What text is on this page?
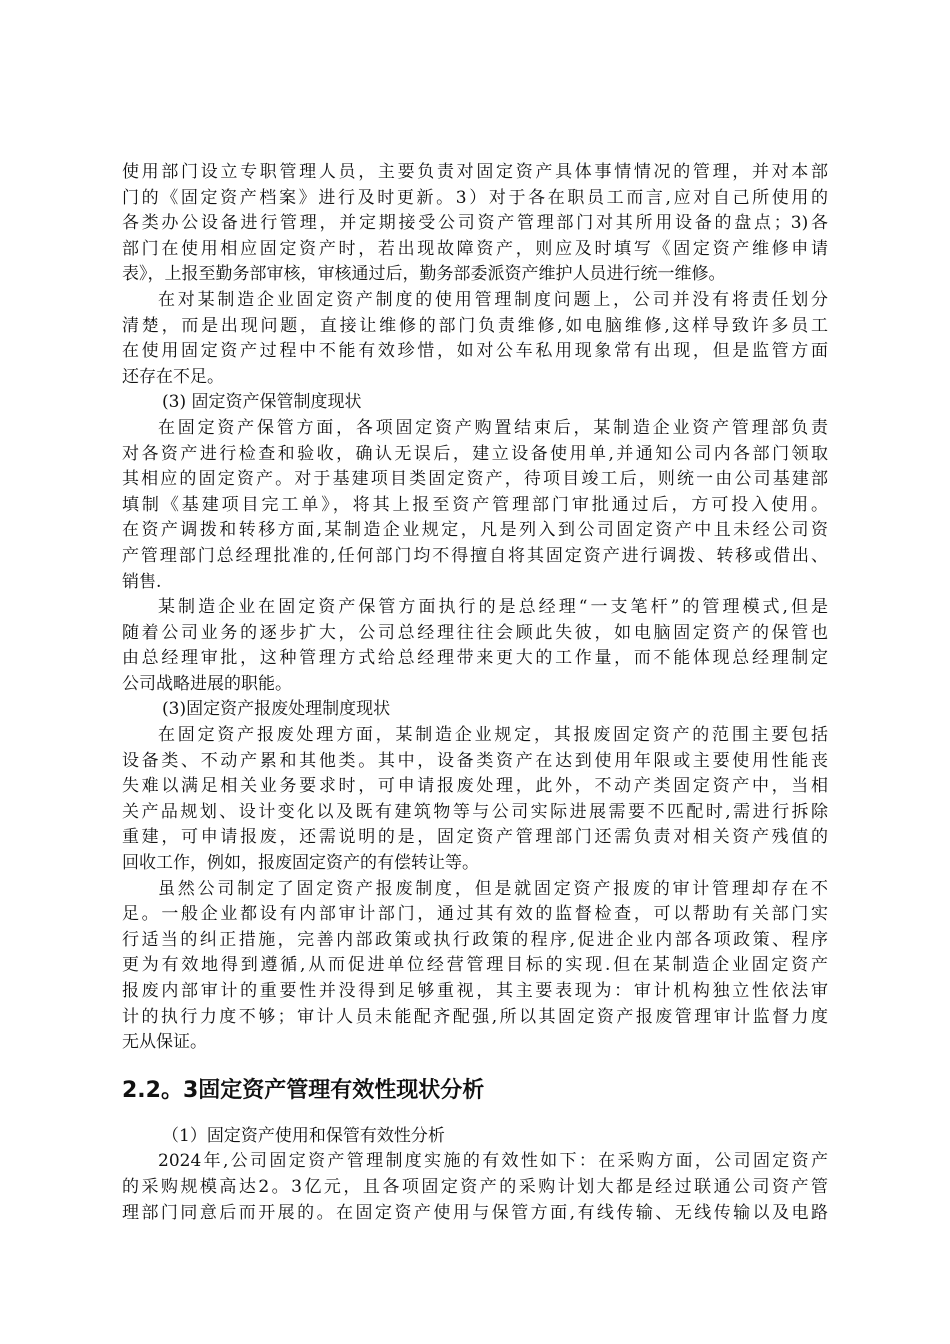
使用部门设立专职管理人员，主要负责对固定资产具体事情情况的管理，并对本部
门的《固定资产档案》进行及时更新。3）对于各在职员工而言,应对自己所使用的
各类办公设备进行管理，并定期接受公司资产管理部门对其所用设备的盘点；3)各
部门在使用相应固定资产时，若出现故障资产，则应及时填写《固定资产维修申请
表》，上报至勤务部审核，审核通过后，勤务部委派资产维护人员进行统一维修。
在对某制造企业固定资产制度的使用管理制度问题上，公司并没有将责任划分
清楚，而是出现问题，直接让维修的部门负责维修,如电脑维修,这样导致许多员工
在使用固定资产过程中不能有效珍惜，如对公车私用现象常有出现，但是监管方面
还存在不足。
(3) 固定资产保管制度现状
在固定资产保管方面，各项固定资产购置结束后，某制造企业资产管理部负责
对各资产进行检查和验收，确认无误后，建立设备使用单,并通知公司内各部门领取
其相应的固定资产。对于基建项目类固定资产，待项目竣工后，则统一由公司基建部
填制《基建项目完工单》，将其上报至资产管理部门审批通过后，方可投入使用。
在资产调拨和转移方面,某制造企业规定，凡是列入到公司固定资产中且未经公司资
产管理部门总经理批准的,任何部门均不得擅自将其固定资产进行调拨、转移或借出、
销售.
某制造企业在固定资产保管方面执行的是总经理“一支笔杆”的管理模式,但是
随着公司业务的逐步扩大，公司总经理往往会顾此失彼，如电脑固定资产的保管也
由总经理审批，这种管理方式给总经理带来更大的工作量，而不能体现总经理制定
公司战略进展的职能。
(3)固定资产报废处理制度现状
在固定资产报废处理方面，某制造企业规定，其报废固定资产的范围主要包括
设备类、不动产累和其他类。其中，设备类资产在达到使用年限或主要使用性能丧
失难以满足相关业务要求时，可申请报废处理，此外，不动产类固定资产中，当相
关产品规划、设计变化以及既有建筑物等与公司实际进展需要不匹配时,需进行拆除
重建，可申请报废，还需说明的是，固定资产管理部门还需负责对相关资产残值的
回收工作，例如，报废固定资产的有偿转让等。
虽然公司制定了固定资产报废制度，但是就固定资产报废的审计管理却存在不
足。一般企业都设有内部审计部门，通过其有效的监督检查，可以帮助有关部门实
行适当的纠正措施，完善内部政策或执行政策的程序,促进企业内部各项政策、程序
更为有效地得到遵循,从而促进单位经营管理目标的实现.但在某制造企业固定资产
报废内部审计的重要性并没得到足够重视，其主要表现为：审计机构独立性依法审
计的执行力度不够；审计人员未能配齐配强,所以其固定资产报废管理审计监督力度
无从保证。
2.2。3固定资产管理有效性现状分析
（1）固定资产使用和保管有效性分析
2024年,公司固定资产管理制度实施的有效性如下：在采购方面，公司固定资产
的采购规模高达2。3亿元，且各项固定资产的采购计划大都是经过联通公司资产管
理部门同意后而开展的。在固定资产使用与保管方面,有线传输、无线传输以及电路
